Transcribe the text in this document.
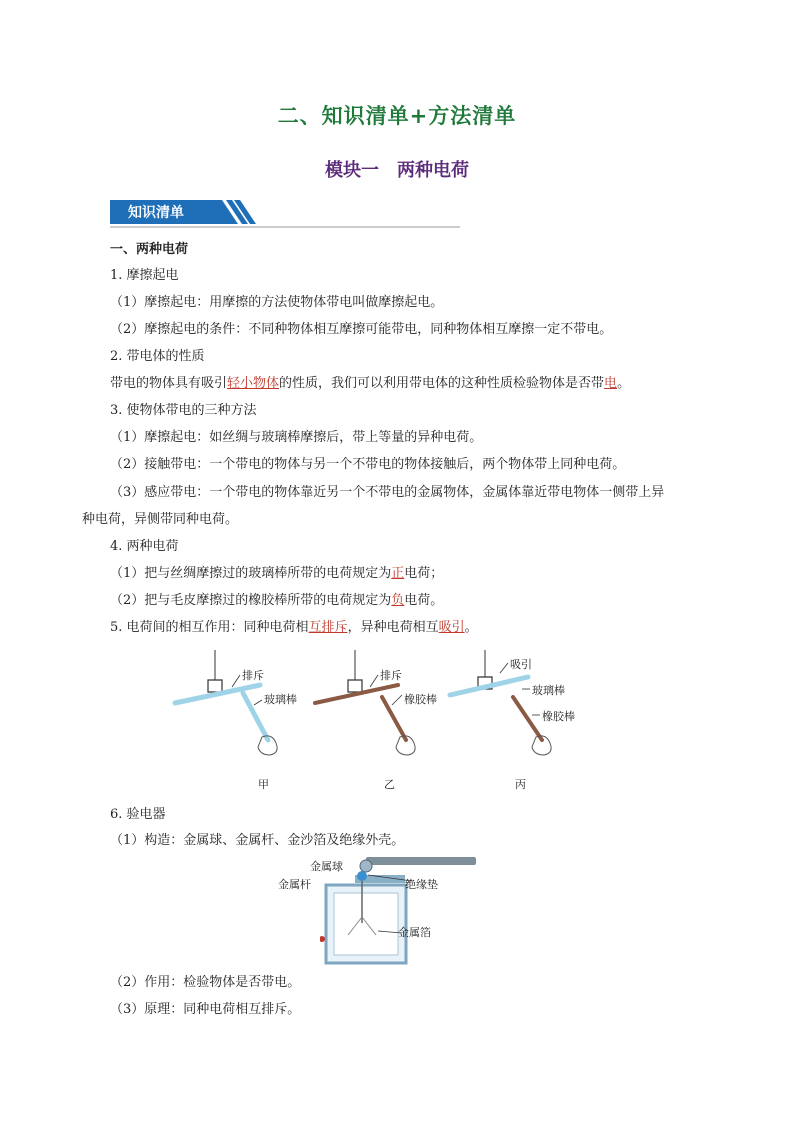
二、知识清单+方法清单
模块一　两种电荷
知识清单
一、两种电荷
1. 摩擦起电
（1）摩擦起电：用摩擦的方法使物体带电叫做摩擦起电。
（2）摩擦起电的条件：不同种物体相互摩擦可能带电，同种物体相互摩擦一定不带电。
2. 带电体的性质
带电的物体具有吸引轻小物体的性质，我们可以利用带电体的这种性质检验物体是否带电。
3. 使物体带电的三种方法
（1）摩擦起电：如丝绸与玻璃棒摩擦后，带上等量的异种电荷。
（2）接触带电：一个带电的物体与另一个不带电的物体接触后，两个物体带上同种电荷。
（3）感应带电：一个带电的物体靠近另一个不带电的金属物体，金属体靠近带电物体一侧带上异
种电荷，异侧带同种电荷。
4. 两种电荷
（1）把与丝绸摩擦过的玻璃棒所带的电荷规定为正电荷；
（2）把与毛皮摩擦过的橡胶棒所带的电荷规定为负电荷。
5. 电荷间的相互作用：同种电荷相互排斥，异种电荷相互吸引。
排斥
玻璃棒
排斥
橡胶棒
吸引
玻璃棒
橡胶棒
甲	乙	丙
6. 验电器
（1）构造：金属球、金属杆、金沙箔及绝缘外壳。
金属球
金属杆	绝缘垫
金属箔
（2）作用：检验物体是否带电。
（3）原理：同种电荷相互排斥。
